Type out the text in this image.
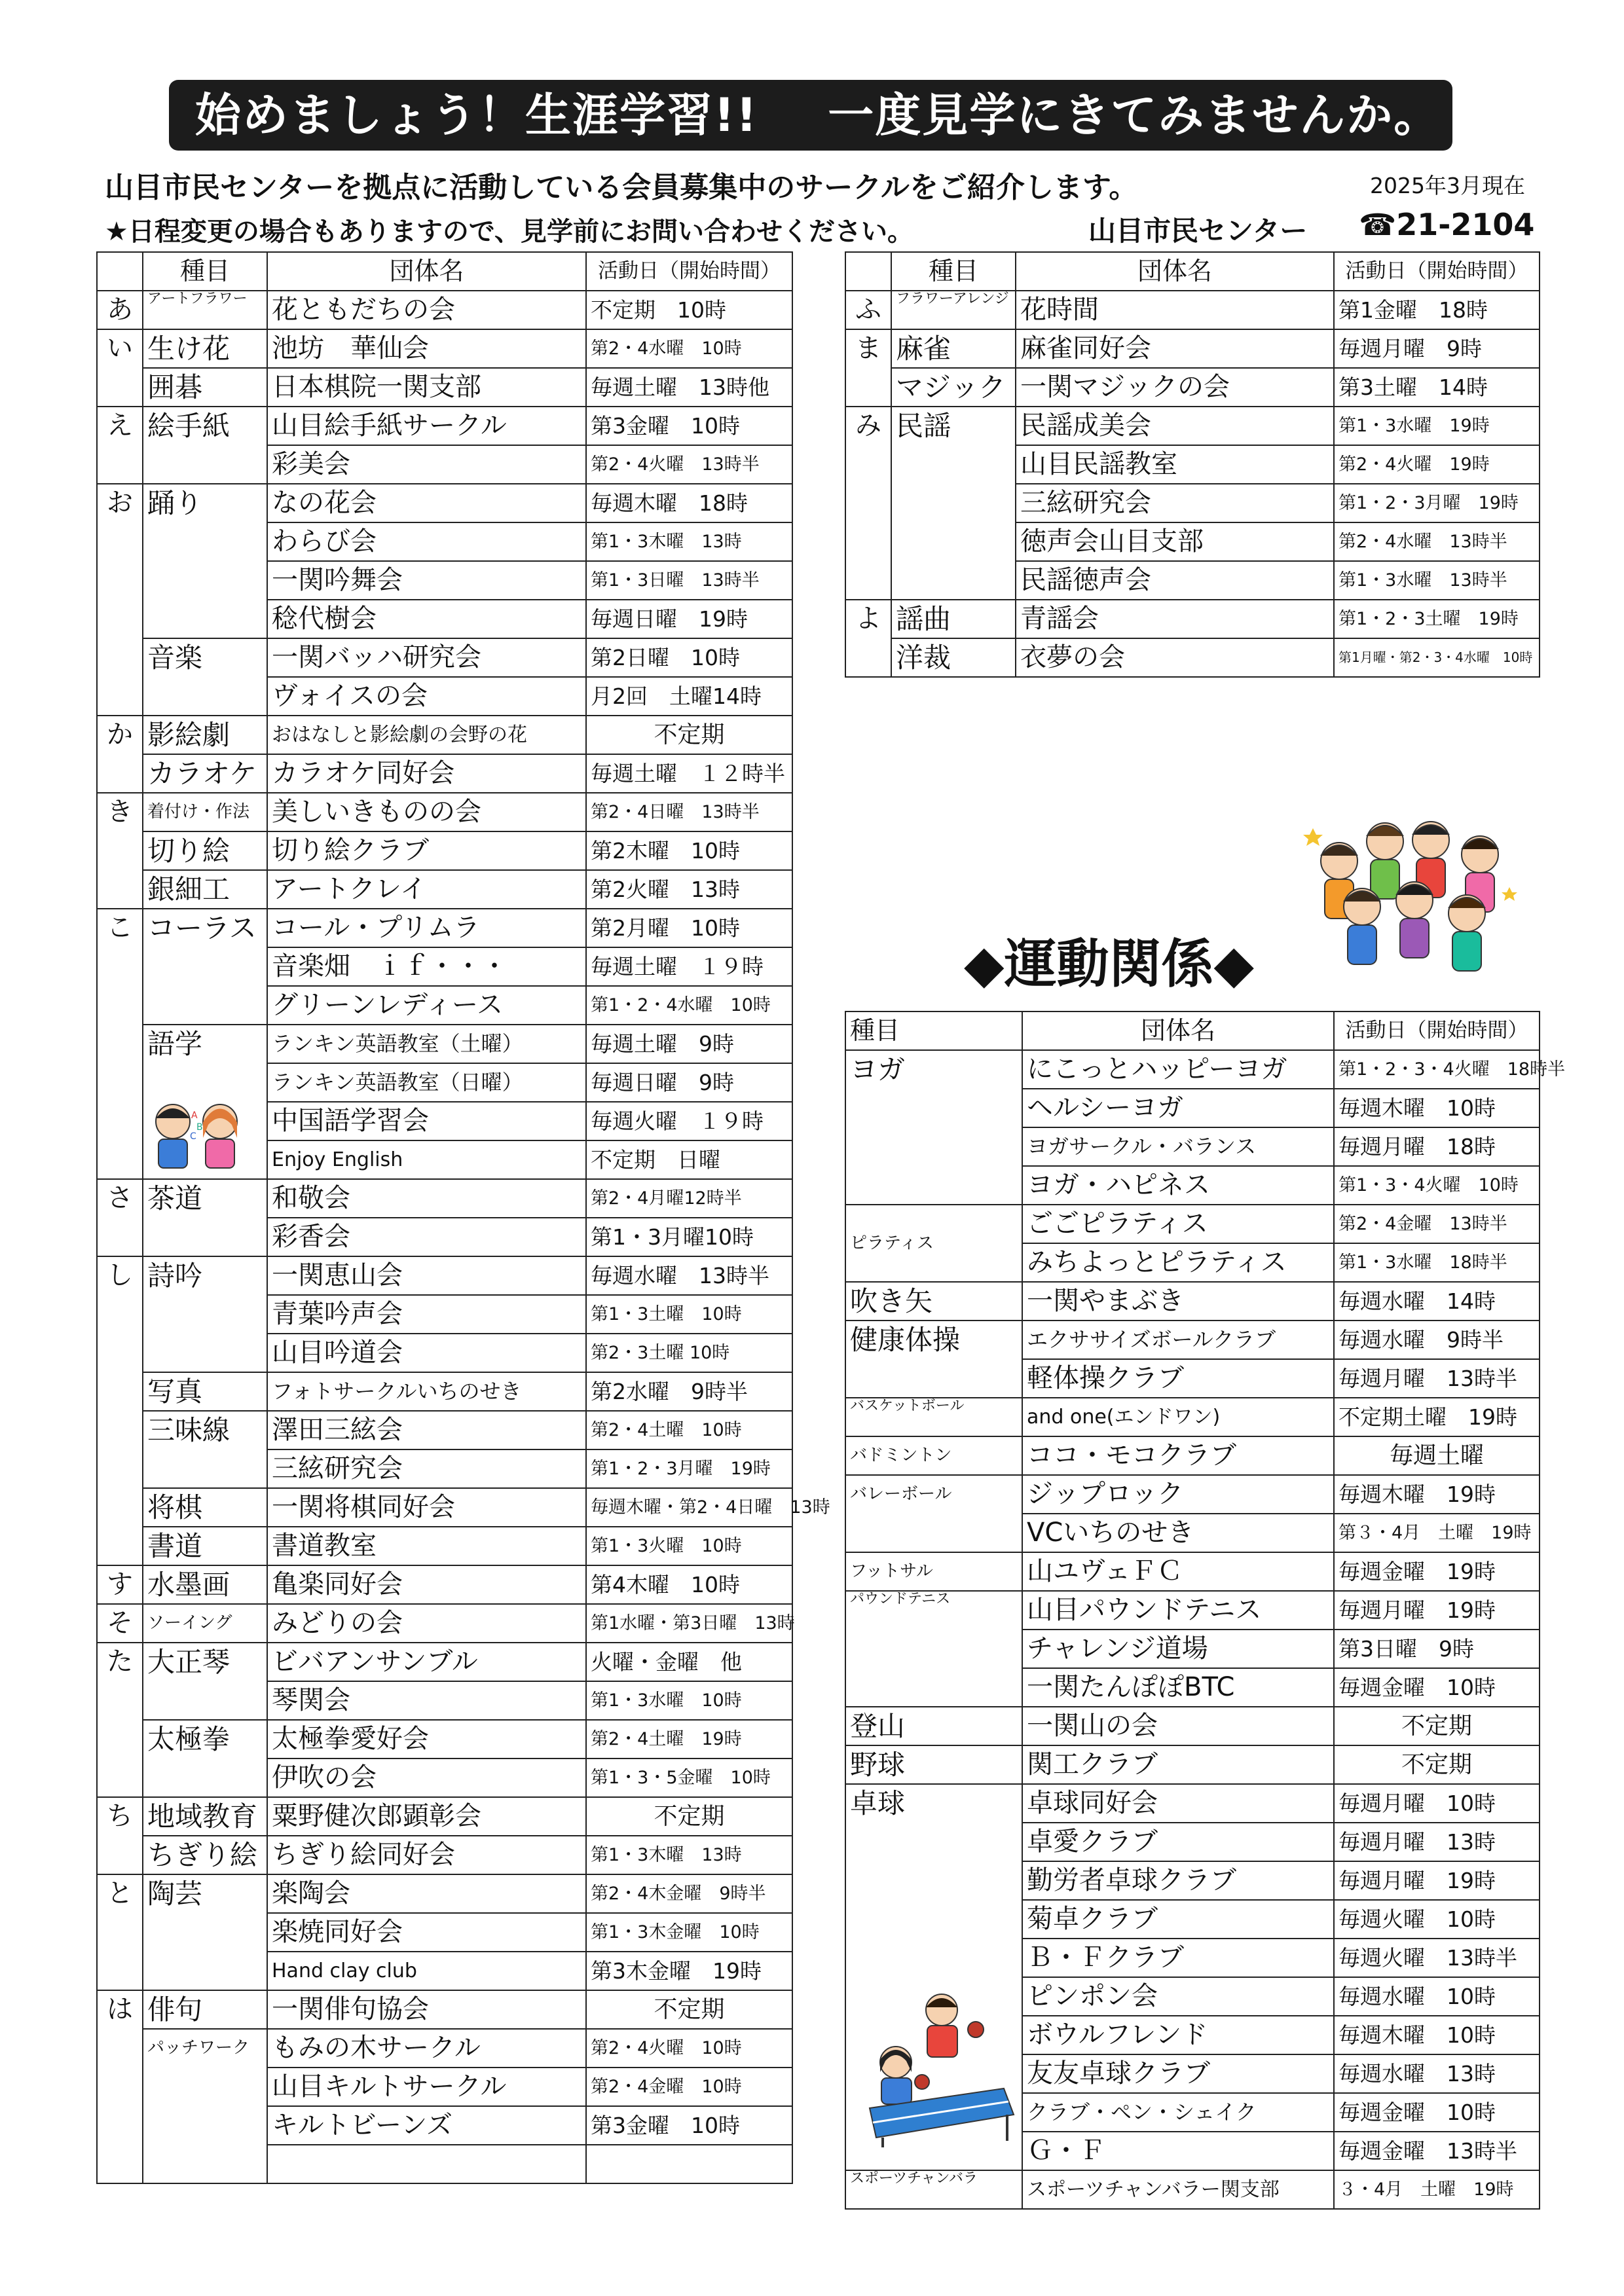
始めましょう！生涯学習!! 一度見学にきてみませんか。
山目市民センターを拠点に活動している会員募集中のサークルをご紹介します。	2025年3月現在
★日程変更の場合もありますので、見学前にお問い合わせください。	山目市民センター ☎21-2104
	種目	団体名	活動日（開始時間）
あ	アートフラワー	花ともだちの会	不定期　10時
い	生け花	池坊　華仙会	第2・4水曜　10時
	囲碁	日本棋院一関支部	毎週土曜　13時他
え	絵手紙	山目絵手紙サークル	第3金曜　10時
		彩美会	第2・4火曜　13時半
お	踊り	なの花会	毎週木曜　18時
		わらび会	第1・3木曜　13時
		一関吟舞会	第1・3日曜　13時半
		稔代樹会	毎週日曜　19時
	音楽	一関バッハ研究会	第2日曜　10時
		ヴォイスの会	月2回　土曜14時
か	影絵劇	おはなしと影絵劇の会野の花	不定期
	カラオケ	カラオケ同好会	毎週土曜　１２時半
き	着付け・作法	美しいきものの会	第2・4日曜　13時半
	切り絵	切り絵クラブ	第2木曜　10時
	銀細工	アートクレイ	第2火曜　13時
こ	コーラス	コール・プリムラ	第2月曜　10時
		音楽畑　ｉｆ・・・	毎週土曜　１９時
		グリーンレディース	第1・2・4水曜　10時
	語学	ランキン英語教室（土曜）	毎週土曜　9時
		ランキン英語教室（日曜）	毎週日曜　9時
		中国語学習会	毎週火曜　１９時
		Enjoy English	不定期　日曜
さ	茶道	和敬会	第2・4月曜12時半
		彩香会	第1・3月曜10時
し	詩吟	一関恵山会	毎週水曜　13時半
		青葉吟声会	第1・3土曜　10時
		山目吟道会	第2・3土曜 10時
	写真	フォトサークルいちのせき	第2水曜　9時半
	三味線	澤田三絃会	第2・4土曜　10時
		三絃研究会	第1・2・3月曜　19時
	将棋	一関将棋同好会	毎週木曜・第2・4日曜　13時
	書道	書道教室	第1・3火曜　10時
す	水墨画	亀楽同好会	第4木曜　10時
そ	ソーイング	みどりの会	第1水曜・第3日曜　13時
た	大正琴	ビバアンサンブル	火曜・金曜　他
		琴関会	第1・3水曜　10時
	太極拳	太極拳愛好会	第2・4土曜　19時
		伊吹の会	第1・3・5金曜　10時
ち	地域教育	粟野健次郎顕彰会	不定期
	ちぎり絵	ちぎり絵同好会	第1・3木曜　13時
と	陶芸	楽陶会	第2・4木金曜　9時半
		楽焼同好会	第1・3木金曜　10時
		Hand clay club	第3木金曜　19時
は	俳句	一関俳句協会	不定期
	パッチワーク	もみの木サークル	第2・4火曜　10時
		山目キルトサークル	第2・4金曜　10時
		キルトビーンズ	第3金曜　10時

	種目	団体名	活動日（開始時間）
ふ	フラワーアレンジ	花時間	第1金曜　18時
ま	麻雀	麻雀同好会	毎週月曜　9時
	マジック	一関マジックの会	第3土曜　14時
み	民謡	民謡成美会	第1・3水曜　19時
		山目民謡教室	第2・4火曜　19時
		三絃研究会	第1・2・3月曜　19時
		徳声会山目支部	第2・4水曜　13時半
		民謡徳声会	第1・3水曜　13時半
よ	謡曲	青謡会	第1・2・3土曜　19時
	洋裁	衣夢の会	第1月曜・第2・3・4水曜　10時
◆運動関係◆
種目	団体名	活動日（開始時間）
ヨガ	にこっとハッピーヨガ	第1・2・3・4火曜　18時半
	ヘルシーヨガ	毎週木曜　10時
	ヨガサークル・バランス	毎週月曜　18時
	ヨガ・ハピネス	第1・3・4火曜　10時
ピラティス	ごごピラティス	第2・4金曜　13時半
	みちよっとピラティス	第1・3水曜　18時半
吹き矢	一関やまぶき	毎週水曜　14時
健康体操	エクササイズボールクラブ	毎週水曜　9時半
	軽体操クラブ	毎週月曜　13時半
バスケットボール	and one(エンドワン)	不定期土曜　19時
バドミントン	ココ・モコクラブ	毎週土曜
バレーボール	ジップロック	毎週木曜　19時
	VCいちのせき	第３・4月　土曜　19時
フットサル	山ユヴェＦＣ	毎週金曜　19時
パウンドテニス	山目パウンドテニス	毎週月曜　19時
	チャレンジ道場	第3日曜　9時
	一関たんぽぽBTC	毎週金曜　10時
登山	一関山の会	不定期
野球	関工クラブ	不定期
卓球	卓球同好会	毎週月曜　10時
	卓愛クラブ	毎週月曜　13時
	勤労者卓球クラブ	毎週月曜　19時
	菊卓クラブ	毎週火曜　10時
	Ｂ・Ｆクラブ	毎週火曜　13時半
	ピンポン会	毎週水曜　10時
	ボウルフレンド	毎週木曜　10時
	友友卓球クラブ	毎週水曜　13時
	クラブ・ペン・シェイク	毎週金曜　10時
	Ｇ・Ｆ	毎週金曜　13時半
スポーツチャンバラ	スポーツチャンバラー関支部	３・4月　土曜　19時
A
B
C
